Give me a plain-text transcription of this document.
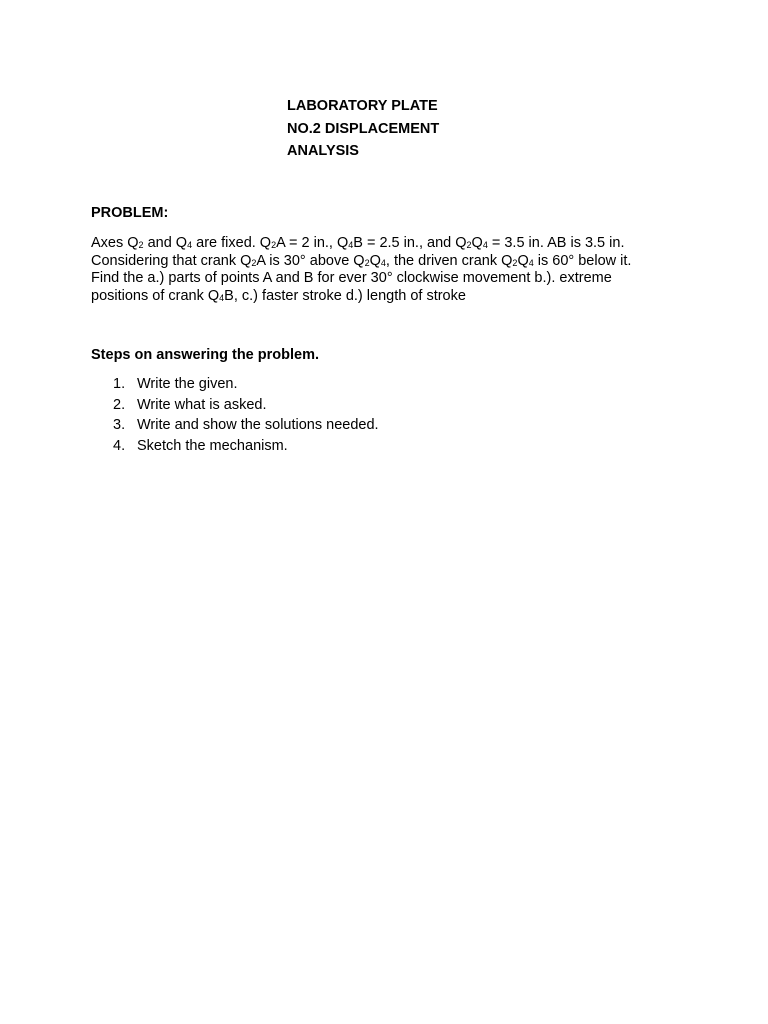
LABORATORY PLATE
NO.2 DISPLACEMENT
ANALYSIS
PROBLEM:
Axes $Q_2$ and $Q_4$ are fixed. $Q_2A = 2$ in., $Q_4B = 2.5$ in., and $Q_2Q_4 = 3.5$ in. AB is 3.5 in.
Considering that crank $Q_2A$ is 30° above $Q_2Q_4$, the driven crank $Q_2Q_4$ is 60° below it.
Find the a.) parts of points A and B for ever 30° clockwise movement b.). extreme
positions of crank $Q_4B$, c.) faster stroke d.) length of stroke
Steps on answering the problem.
1. Write the given.
2. Write what is asked.
3. Write and show the solutions needed.
4. Sketch the mechanism.
